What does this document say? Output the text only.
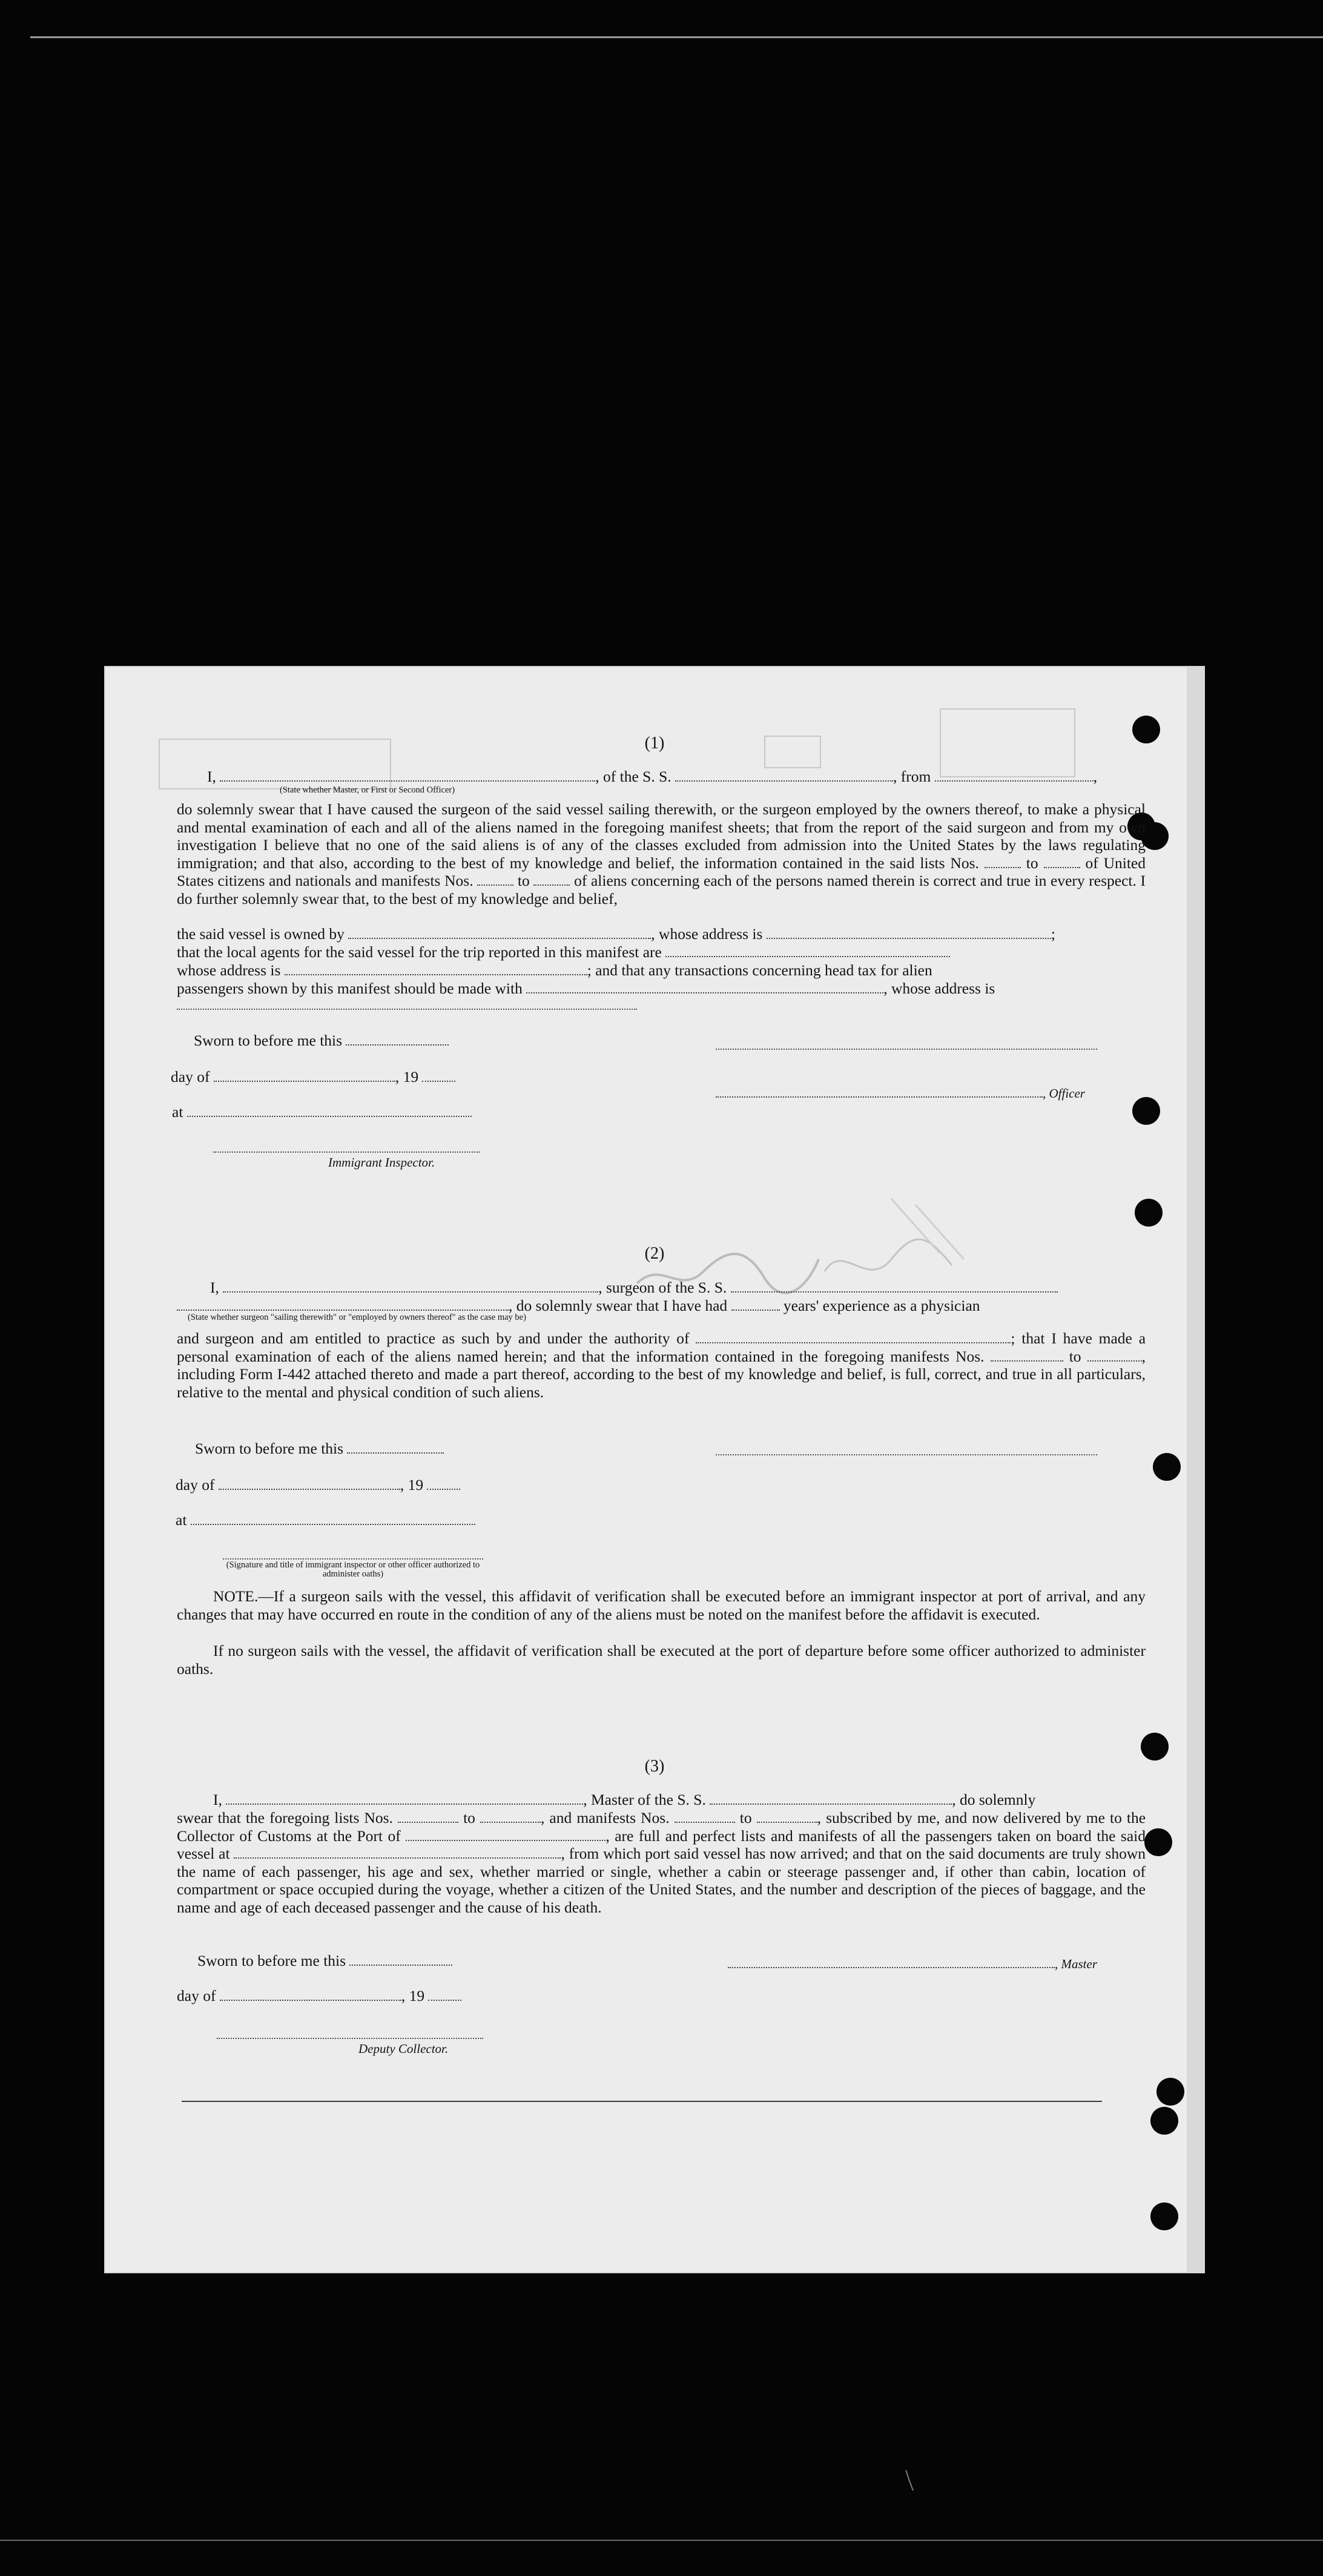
(1)
I,	, of the S. S.	, from	,
(State whether Master, or First or Second Officer)
do solemnly swear that I have caused the surgeon of the said vessel sailing therewith, or the surgeon employed by the owners thereof, to make a physical and mental examination of each and all of the aliens named in the foregoing manifest sheets; that from the report of the said surgeon and from my own investigation I believe that no one of the said aliens is of any of the classes excluded from admission into the United States by the laws regulating immigration; and that also, according to the best of my knowledge and belief, the information contained in the said lists Nos.	to	of United States citizens and nationals and manifests Nos.	to	of aliens concerning each of the persons named therein is correct and true in every respect. I do further solemnly swear that, to the best of my knowledge and belief,
the said vessel is owned by	, whose address is	;
that the local agents for the said vessel for the trip reported in this manifest are
whose address is	; and that any transactions concerning head tax for alien
passengers shown by this manifest should be made with	, whose address is
Sworn to before me this
day of	, 19
, Officer
at
Immigrant Inspector.
(2)
I,	, surgeon of the S. S.
, do solemnly swear that I have had	years' experience as a physician
(State whether surgeon "sailing therewith" or "employed by owners thereof" as the case may be)
and surgeon and am entitled to practice as such by and under the authority of	; that I have made a personal examination of each of the aliens named herein; and that the information contained in the foregoing manifests Nos.	to	, including Form I-442 attached thereto and made a part thereof, according to the best of my knowledge and belief, is full, correct, and true in all particulars, relative to the mental and physical condition of such aliens.
Sworn to before me this
day of	, 19
at
(Signature and title of immigrant inspector or other officer authorized to administer oaths)
NOTE.—If a surgeon sails with the vessel, this affidavit of verification shall be executed before an immigrant inspector at port of arrival, and any changes that may have occurred en route in the condition of any of the aliens must be noted on the manifest before the affidavit is executed.
If no surgeon sails with the vessel, the affidavit of verification shall be executed at the port of departure before some officer authorized to administer oaths.
(3)
I,	, Master of the S. S.	, do solemnly
swear that the foregoing lists Nos.	to	, and manifests Nos.	to	, subscribed by me, and now delivered by me to the Collector of Customs at the Port of	, are full and perfect lists and manifests of all the passengers taken on board the said vessel at	, from which port said vessel has now arrived; and that on the said documents are truly shown the name of each passenger, his age and sex, whether married or single, whether a cabin or steerage passenger and, if other than cabin, location of compartment or space occupied during the voyage, whether a citizen of the United States, and the number and description of the pieces of baggage, and the name and age of each deceased passenger and the cause of his death.
Sworn to before me this	, Master
day of	, 19
Deputy Collector.
